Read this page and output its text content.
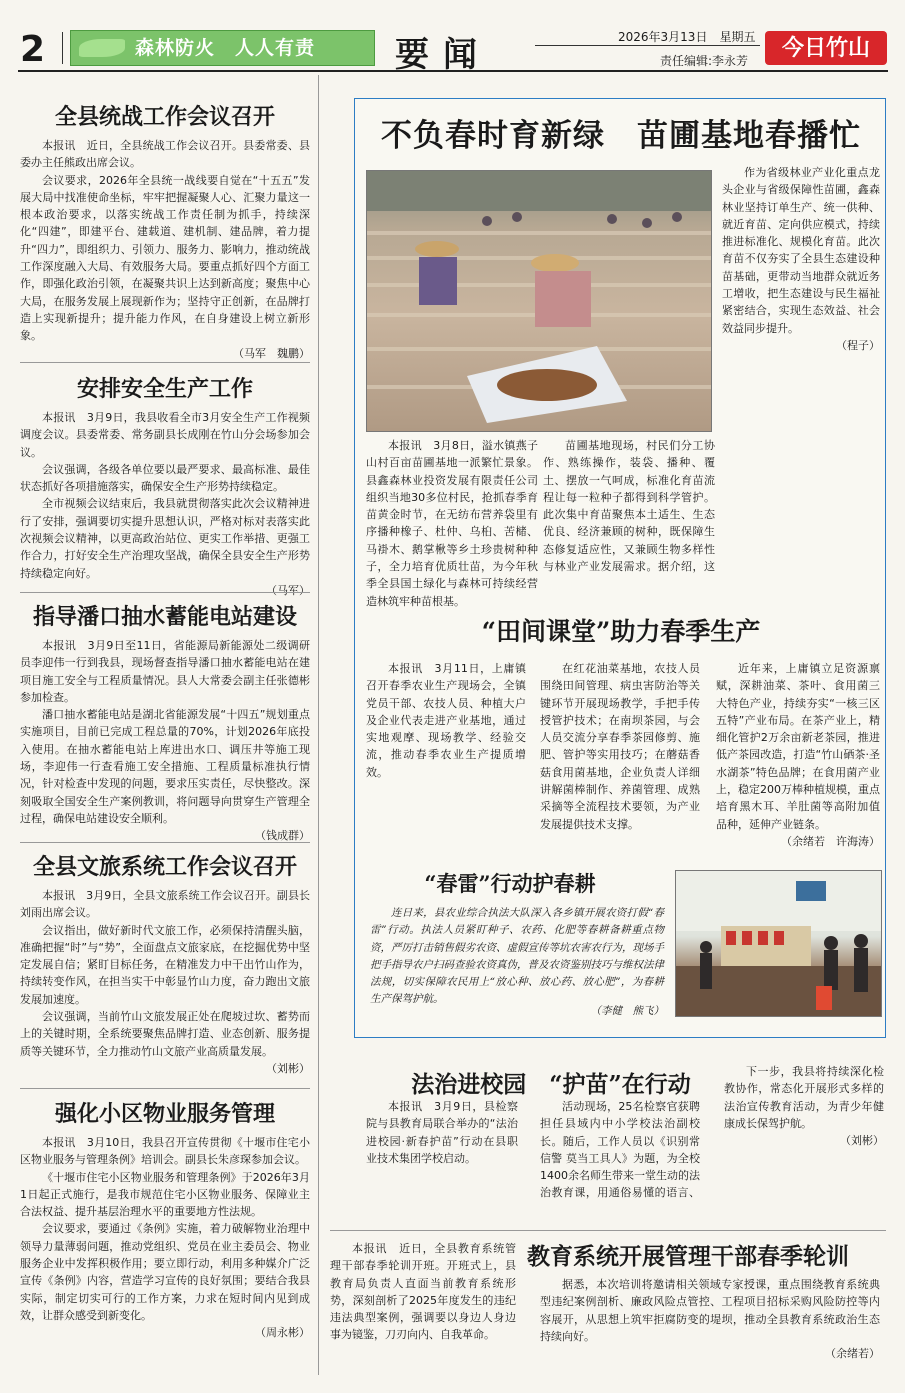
2	森林防火　人人有责	要闻	2026年3月13日　星期五
责任编辑:李永芳	今日竹山
全县统战工作会议召开

本报讯　近日，全县统战工作会议召开。县委常委、县委办主任熊政出席会议。

会议要求，2026年全县统一战线要自觉在“十五五”发展大局中找准使命坐标，牢牢把握凝聚人心、汇聚力量这一根本政治要求，以落实统战工作责任制为抓手，持续深化“四建”，即建平台、建载道、建机制、建品牌，着力提升“四力”，即组织力、引领力、服务力、影响力，推动统战工作深度融入大局、有效服务大局。要重点抓好四个方面工作，即强化政治引领，在凝聚共识上达到新高度；聚焦中心大局，在服务发展上展现新作为；坚持守正创新，在品牌打造上实现新提升；提升能力作风，在自身建设上树立新形象。

（马军　魏鹏）
安排安全生产工作

本报讯　3月9日，我县收看全市3月安全生产工作视频调度会议。县委常委、常务副县长成刚在竹山分会场参加会议。

会议强调，各级各单位要以最严要求、最高标准、最佳状态抓好各项措施落实，确保安全生产形势持续稳定。

全市视频会议结束后，我县就贯彻落实此次会议精神进行了安排，强调要切实提升思想认识，严格对标对表落实此次视频会议精神，以更高政治站位、更实工作举措、更强工作合力，打好安全生产治理攻坚战，确保全县安全生产形势持续稳定向好。

（马军）
指导潘口抽水蓄能电站建设

本报讯　3月9日至11日，省能源局新能源处二级调研员李迎伟一行到我县，现场督查指导潘口抽水蓄能电站在建项目施工安全与工程质量情况。县人大常委会副主任张德彬参加检查。

潘口抽水蓄能电站是湖北省能源发展“十四五”规划重点实施项目，目前已完成工程总量的70%，计划2026年底投入使用。在抽水蓄能电站上库进出水口、调压井等施工现场，李迎伟一行查看施工安全措施、工程质量标准执行情况，针对检查中发现的问题，要求压实责任，尽快整改。深刻吸取全国安全生产案例教训，将问题导向贯穿生产管理全过程，确保电站建设安全顺利。

（钱成群）
全县文旅系统工作会议召开

本报讯　3月9日，全县文旅系统工作会议召开。副县长刘雨出席会议。

会议指出，做好新时代文旅工作，必须保持清醒头脑，准确把握“时”与“势”，全面盘点文旅家底，在挖掘优势中坚定发展自信；紧盯目标任务，在精准发力中干出竹山作为，持续转变作风，在担当实干中彰显竹山力度，奋力跑出文旅发展加速度。

会议强调，当前竹山文旅发展正处在爬坡过坎、蓄势而上的关键时期，全系统要聚焦品牌打造、业态创新、服务提质等关键环节，全力推动竹山文旅产业高质量发展。

（刘彬）
强化小区物业服务管理

本报讯　3月10日，我县召开宣传贯彻《十堰市住宅小区物业服务与管理条例》培训会。副县长朱彦琛参加会议。

《十堰市住宅小区物业服务和管理条例》于2026年3月1日起正式施行，是我市规范住宅小区物业服务、保障业主合法权益、提升基层治理水平的重要地方性法规。

会议要求，要通过《条例》实施，着力破解物业治理中领导力量薄弱问题，推动党组织、党员在业主委员会、物业服务企业中发挥积极作用；要立即行动，利用多种媒介广泛宣传《条例》内容，营造学习宣传的良好氛围；要结合我县实际，制定切实可行的工作方案，力求在短时间内见到成效，让群众感受到新变化。

（周永彬）
不负春时育新绿　苗圃基地春播忙

本报讯　3月8日，溢水镇燕子山村百亩苗圃基地一派繁忙景象。县鑫森林业投资发展有限责任公司组织当地30多位村民，抢抓春季育苗黄金时节，在无纺布营养袋里有序播种橡子、杜仲、乌桕、苦槠、马褂木、鹅掌楸等乡土珍贵树种种子，全力培育优质壮苗，为今年秋季全县国土绿化与森林可持续经营造林筑牢种苗根基。

苗圃基地现场，村民们分工协作、熟练操作，装袋、播种、覆土、摆放一气呵成，标准化育苗流程让每一粒种子都得到科学管护。此次集中育苗聚焦本土适生、生态优良、经济兼顾的树种，既保障生态修复适应性，又兼顾生物多样性与林业产业发展需求。据介绍，这

作为省级林业产业化重点龙头企业与省级保障性苗圃，鑫森林业坚持订单生产、统一供种、就近育苗、定向供应模式，持续推进标准化、规模化育苗。此次育苗不仅夯实了全县生态建设种苗基础，更带动当地群众就近务工增收，把生态建设与民生福祉紧密结合，实现生态效益、社会效益同步提升。

（程子）
“田间课堂”助力春季生产

本报讯　3月11日，上庸镇召开春季农业生产现场会，全镇党员干部、农技人员、种植大户及企业代表走进产业基地，通过实地观摩、现场教学、经验交流，推动春季农业生产提质增效。

在红花油菜基地，农技人员围绕田间管理、病虫害防治等关键环节开展现场教学，手把手传授管护技术；在南坝茶园，与会人员交流分享春季茶园修剪、施肥、管护等实用技巧；在蘑菇香菇食用菌基地，企业负责人详细讲解菌棒制作、养菌管理、成熟采摘等全流程技术要领，为产业发展提供技术支撑。

近年来，上庸镇立足资源禀赋，深耕油菜、茶叶、食用菌三大特色产业，持续夯实“一核三区五特”产业布局。在茶产业上，精细化管护2万余亩新老茶园，推进低产茶园改造，打造“竹山硒茶·圣水湖茶”特色品牌；在食用菌产业上，稳定200万棒种植规模，重点培育黑木耳、羊肚菌等高附加值品种，延伸产业链条。

（余绪若　许海涛）
“春雷”行动护春耕
连日来，县农业综合执法大队深入各乡镇开展农资打假“春雷”行动。执法人员紧盯种子、农药、化肥等春耕备耕重点物资，严厉打击销售假劣农资、虚假宣传等坑农害农行为，现场手把手指导农户扫码查验农资真伪，普及农资鉴别技巧与维权法律法规，切实保障农民用上“放心种、放心药、放心肥”，为春耕生产保驾护航。
（李健　熊飞）
法治进校园　“护苗”在行动

本报讯　3月9日，县检察院与县教育局联合举办的“法治进校园·新春护苗”行动在县职业技术集团学校启动。

活动现场，25名检察官获聘担任县域内中小学校法治副校长。随后，工作人员以《识别常信警 莫当工具人》为题，为全校1400余名师生带来一堂生动的法治教育课，用通俗易懂的语言、

下一步，我县将持续深化检教协作，常态化开展形式多样的法治宣传教育活动，为青少年健康成长保驾护航。

（刘彬）
教育系统开展管理干部春季轮训

本报讯　近日，全县教育系统管理干部春季轮训开班。开班式上，县教育局负责人直面当前教育系统形势，深刻剖析了2025年度发生的违纪违法典型案例，强调要以身边人身边事为镜鉴，刀刃向内、自我革命。

据悉，本次培训将邀请相关领域专家授课，重点围绕教育系统典型违纪案例剖析、廉政风险点管控、工程项目招标采购风险防控等内容展开，从思想上筑牢拒腐防变的堤坝，推动全县教育系统政治生态持续向好。

（余绪若）
